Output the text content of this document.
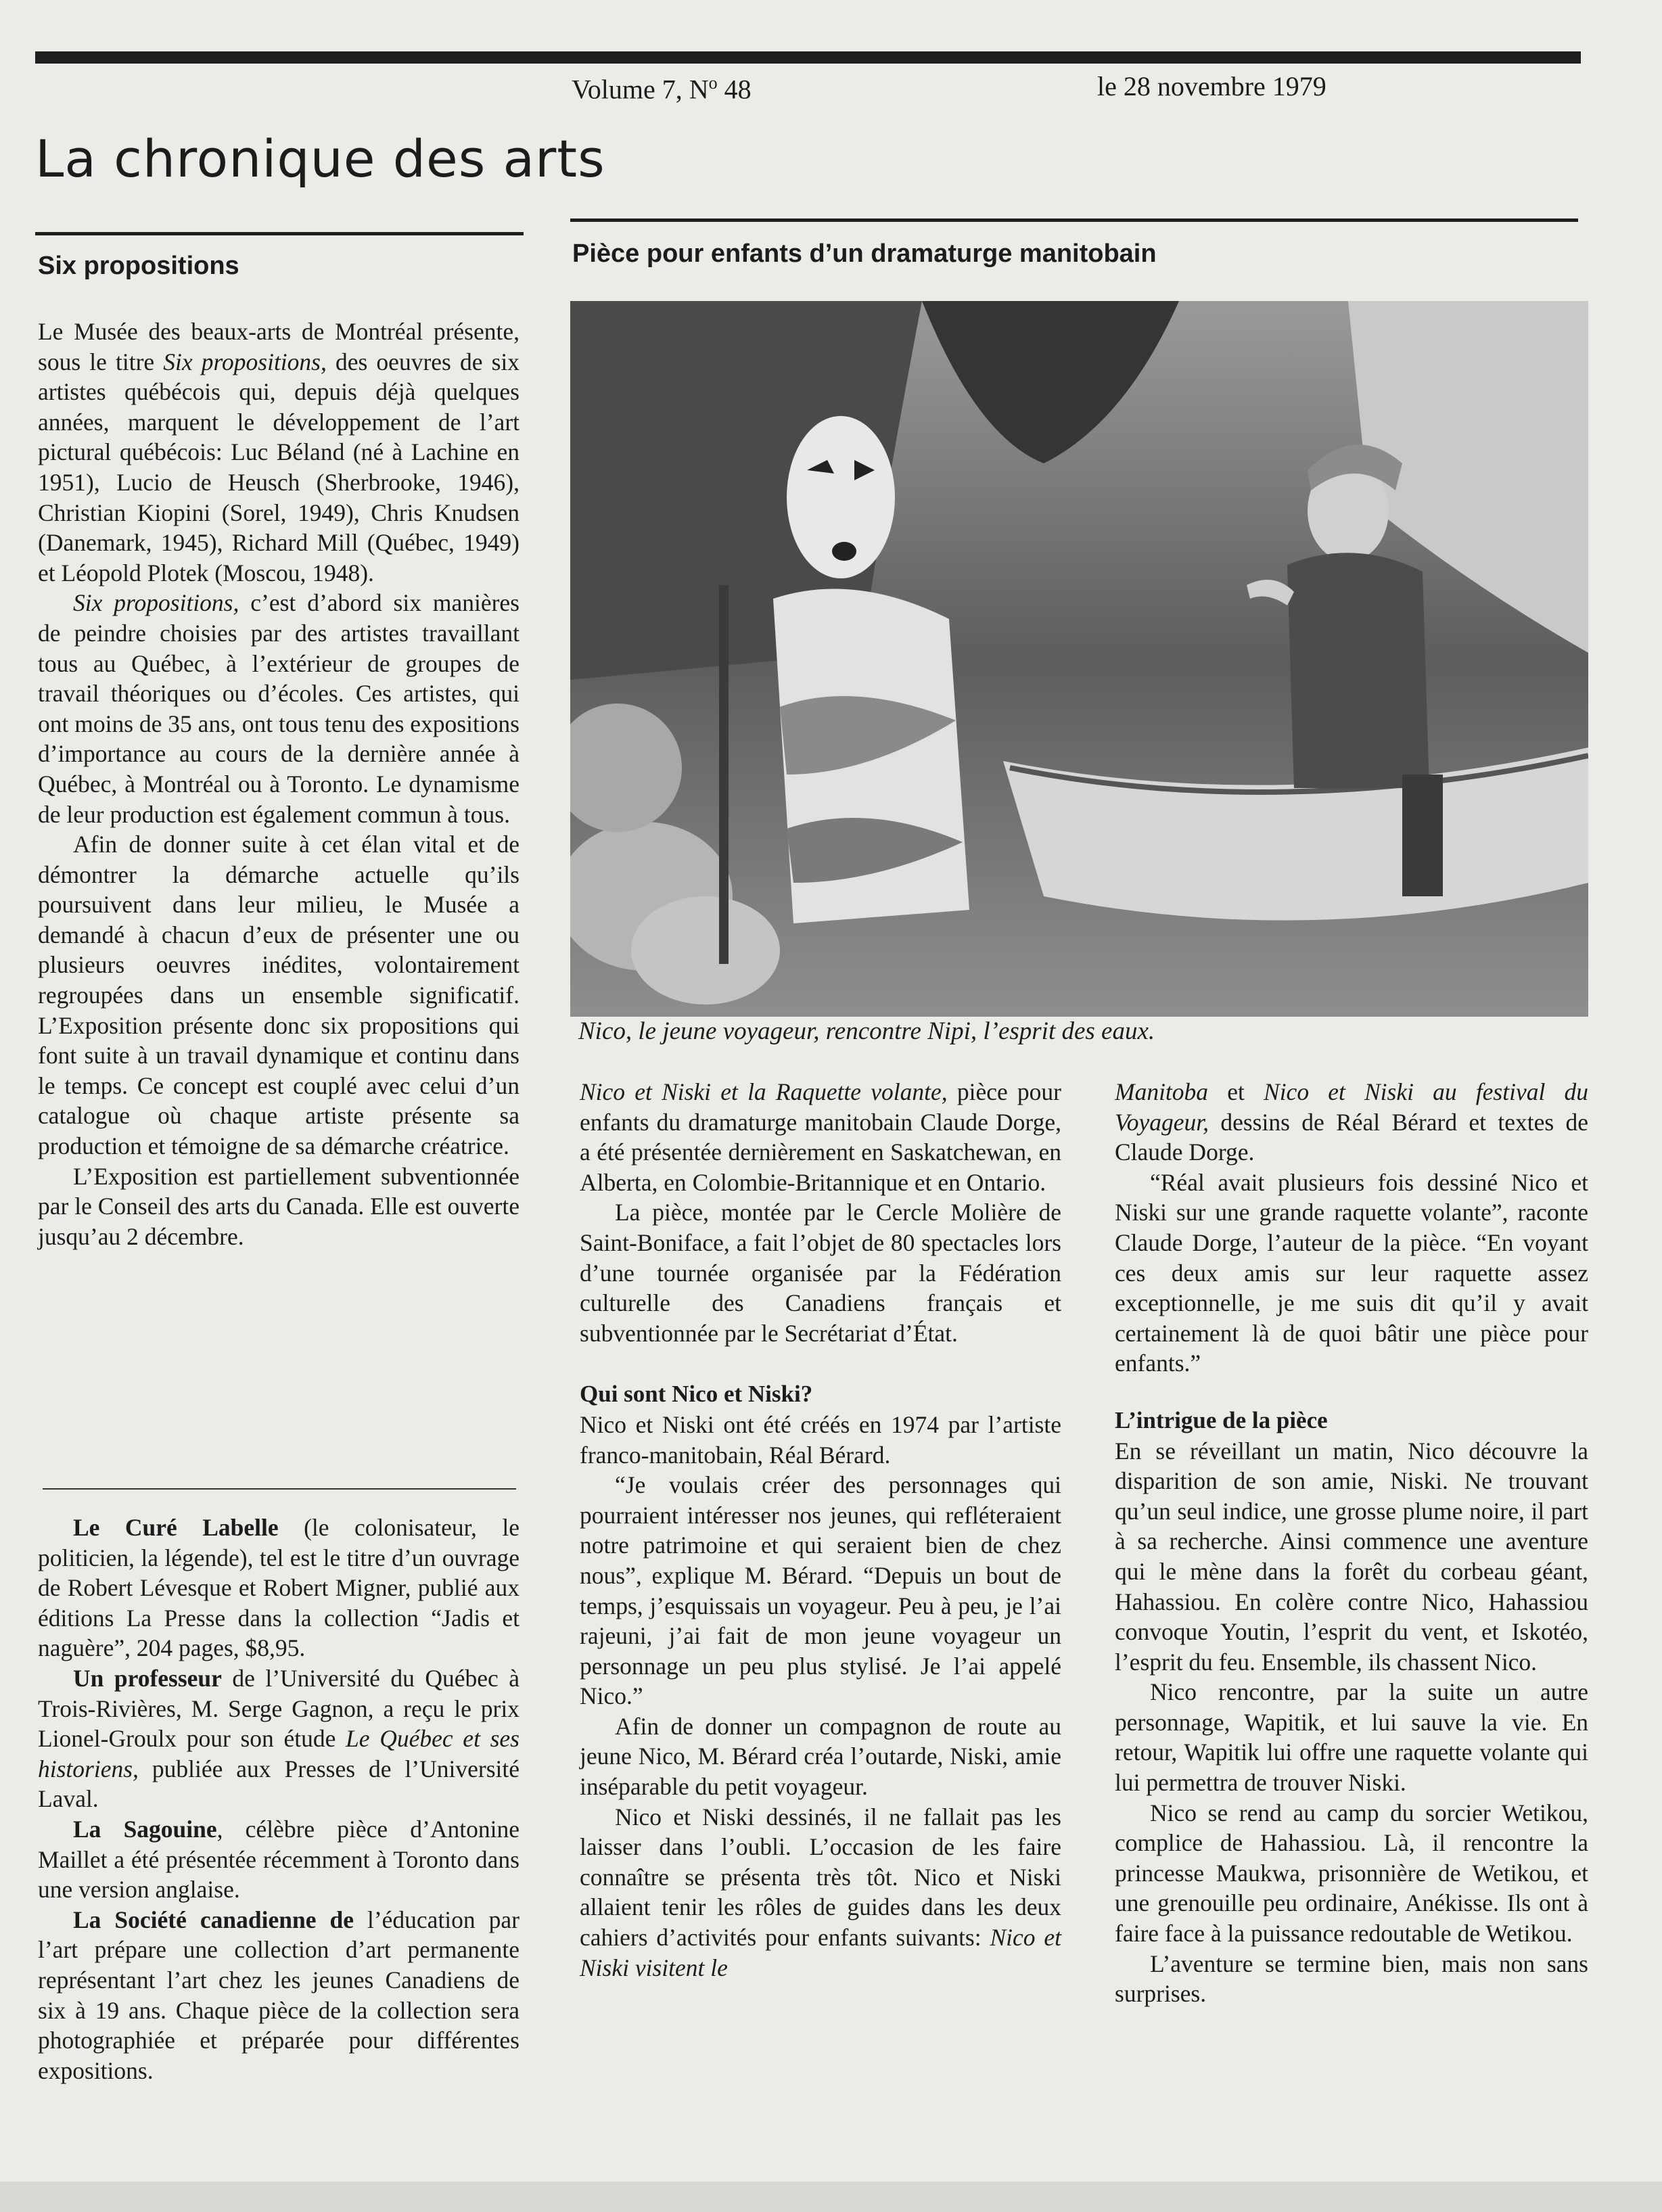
Volume 7, $N^o$ 48	le 28 novembre 1979
La chronique des arts
Six propositions	Pièce pour enfants d’un dramaturge manitobain

Le Musée des beaux-arts de Montréal présente, sous le titre Six propositions, des oeuvres de six artistes québécois qui, depuis déjà quelques années, marquent le développement de l’art pictural québécois: Luc Béland (né à Lachine en 1951), Lucio de Heusch (Sherbrooke, 1946), Christian Kiopini (Sorel, 1949), Chris Knudsen (Danemark, 1945), Richard Mill (Québec, 1949) et Léopold Plotek (Moscou, 1948).

Six propositions, c’est d’abord six manières de peindre choisies par des artistes travaillant tous au Québec, à l’extérieur de groupes de travail théoriques ou d’écoles. Ces artistes, qui ont moins de 35 ans, ont tous tenu des expositions d’importance au cours de la dernière année à Québec, à Montréal ou à Toronto. Le dynamisme de leur production est également commun à tous.

Afin de donner suite à cet élan vital et de démontrer la démarche actuelle qu’ils poursuivent dans leur milieu, le Musée a demandé à chacun d’eux de présenter une ou plusieurs oeuvres inédites, volontairement regroupées dans un ensemble significatif. L’Exposition présente donc six propositions qui font suite à un travail dynamique et continu dans le temps. Ce concept est couplé avec celui d’un catalogue où chaque artiste présente sa production et témoigne de sa démarche créatrice.

L’Exposition est partiellement subventionnée par le Conseil des arts du Canada. Elle est ouverte jusqu’au 2 décembre.

Le Curé Labelle (le colonisateur, le politicien, la légende), tel est le titre d’un ouvrage de Robert Lévesque et Robert Migner, publié aux éditions La Presse dans la collection “Jadis et naguère”, 204 pages, $8,95.

Un professeur de l’Université du Québec à Trois-Rivières, M. Serge Gagnon, a reçu le prix Lionel-Groulx pour son étude Le Québec et ses historiens, publiée aux Presses de l’Université Laval.

La Sagouine, célèbre pièce d’Antonine Maillet a été présentée récemment à Toronto dans une version anglaise.

La Société canadienne de l’éducation par l’art prépare une collection d’art permanente représentant l’art chez les jeunes Canadiens de six à 19 ans. Chaque pièce de la collection sera photographiée et préparée pour différentes expositions.

Nico, le jeune voyageur, rencontre Nipi, l’esprit des eaux.

Nico et Niski et la Raquette volante, pièce pour enfants du dramaturge manitobain Claude Dorge, a été présentée dernièrement en Saskatchewan, en Alberta, en Colombie-Britannique et en Ontario.

La pièce, montée par le Cercle Molière de Saint-Boniface, a fait l’objet de 80 spectacles lors d’une tournée organisée par la Fédération culturelle des Canadiens français et subventionnée par le Secrétariat d’État.

Qui sont Nico et Niski?

Nico et Niski ont été créés en 1974 par l’artiste franco-manitobain, Réal Bérard.

“Je voulais créer des personnages qui pourraient intéresser nos jeunes, qui refléteraient notre patrimoine et qui seraient bien de chez nous”, explique M. Bérard. “Depuis un bout de temps, j’esquissais un voyageur. Peu à peu, je l’ai rajeuni, j’ai fait de mon jeune voyageur un personnage un peu plus stylisé. Je l’ai appelé Nico.”

Afin de donner un compagnon de route au jeune Nico, M. Bérard créa l’outarde, Niski, amie inséparable du petit voyageur.

Nico et Niski dessinés, il ne fallait pas les laisser dans l’oubli. L’occasion de les faire connaître se présenta très tôt. Nico et Niski allaient tenir les rôles de guides dans les deux cahiers d’activités pour enfants suivants: Nico et Niski visitent le

Manitoba et Nico et Niski au festival du Voyageur, dessins de Réal Bérard et textes de Claude Dorge.

“Réal avait plusieurs fois dessiné Nico et Niski sur une grande raquette volante”, raconte Claude Dorge, l’auteur de la pièce. “En voyant ces deux amis sur leur raquette assez exceptionnelle, je me suis dit qu’il y avait certainement là de quoi bâtir une pièce pour enfants.”

L’intrigue de la pièce

En se réveillant un matin, Nico découvre la disparition de son amie, Niski. Ne trouvant qu’un seul indice, une grosse plume noire, il part à sa recherche. Ainsi commence une aventure qui le mène dans la forêt du corbeau géant, Hahassiou. En colère contre Nico, Hahassiou convoque Youtin, l’esprit du vent, et Iskotéo, l’esprit du feu. Ensemble, ils chassent Nico.

Nico rencontre, par la suite un autre personnage, Wapitik, et lui sauve la vie. En retour, Wapitik lui offre une raquette volante qui lui permettra de trouver Niski.

Nico se rend au camp du sorcier Wetikou, complice de Hahassiou. Là, il rencontre la princesse Maukwa, prisonnière de Wetikou, et une grenouille peu ordinaire, Anékisse. Ils ont à faire face à la puissance redoutable de Wetikou.

L’aventure se termine bien, mais non sans surprises.
